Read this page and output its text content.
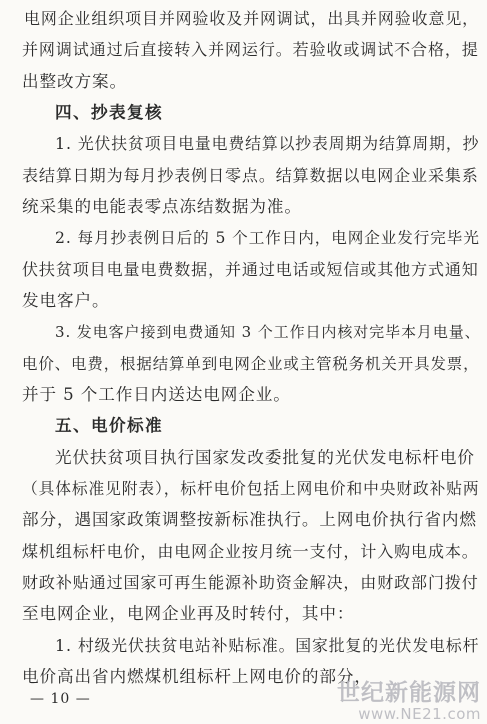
电网企业组织项目并网验收及并网调试，出具并网验收意见，
并网调试通过后直接转入并网运行。若验收或调试不合格，提
出整改方案。
四、抄表复核
1. 光伏扶贫项目电量电费结算以抄表周期为结算周期，抄
表结算日期为每月抄表例日零点。结算数据以电网企业采集系
统采集的电能表零点冻结数据为准。
2. 每月抄表例日后的 5 个工作日内，电网企业发行完毕光
伏扶贫项目电量电费数据，并通过电话或短信或其他方式通知
发电客户。
3. 发电客户接到电费通知 3 个工作日内核对完毕本月电量、
电价、电费，根据结算单到电网企业或主管税务机关开具发票，
并于 5 个工作日内送达电网企业。
五、电价标准
光伏扶贫项目执行国家发改委批复的光伏发电标杆电价
（具体标准见附表），标杆电价包括上网电价和中央财政补贴两
部分，遇国家政策调整按新标准执行。上网电价执行省内燃
煤机组标杆电价，由电网企业按月统一支付，计入购电成本。
财政补贴通过国家可再生能源补助资金解决，由财政部门拨付
至电网企业，电网企业再及时转付，其中：
1. 村级光伏扶贫电站补贴标准。国家批复的光伏发电标杆
电价高出省内燃煤机组标杆上网电价的部分，
— 10 —	世纪新能源网
www.NE21.com
